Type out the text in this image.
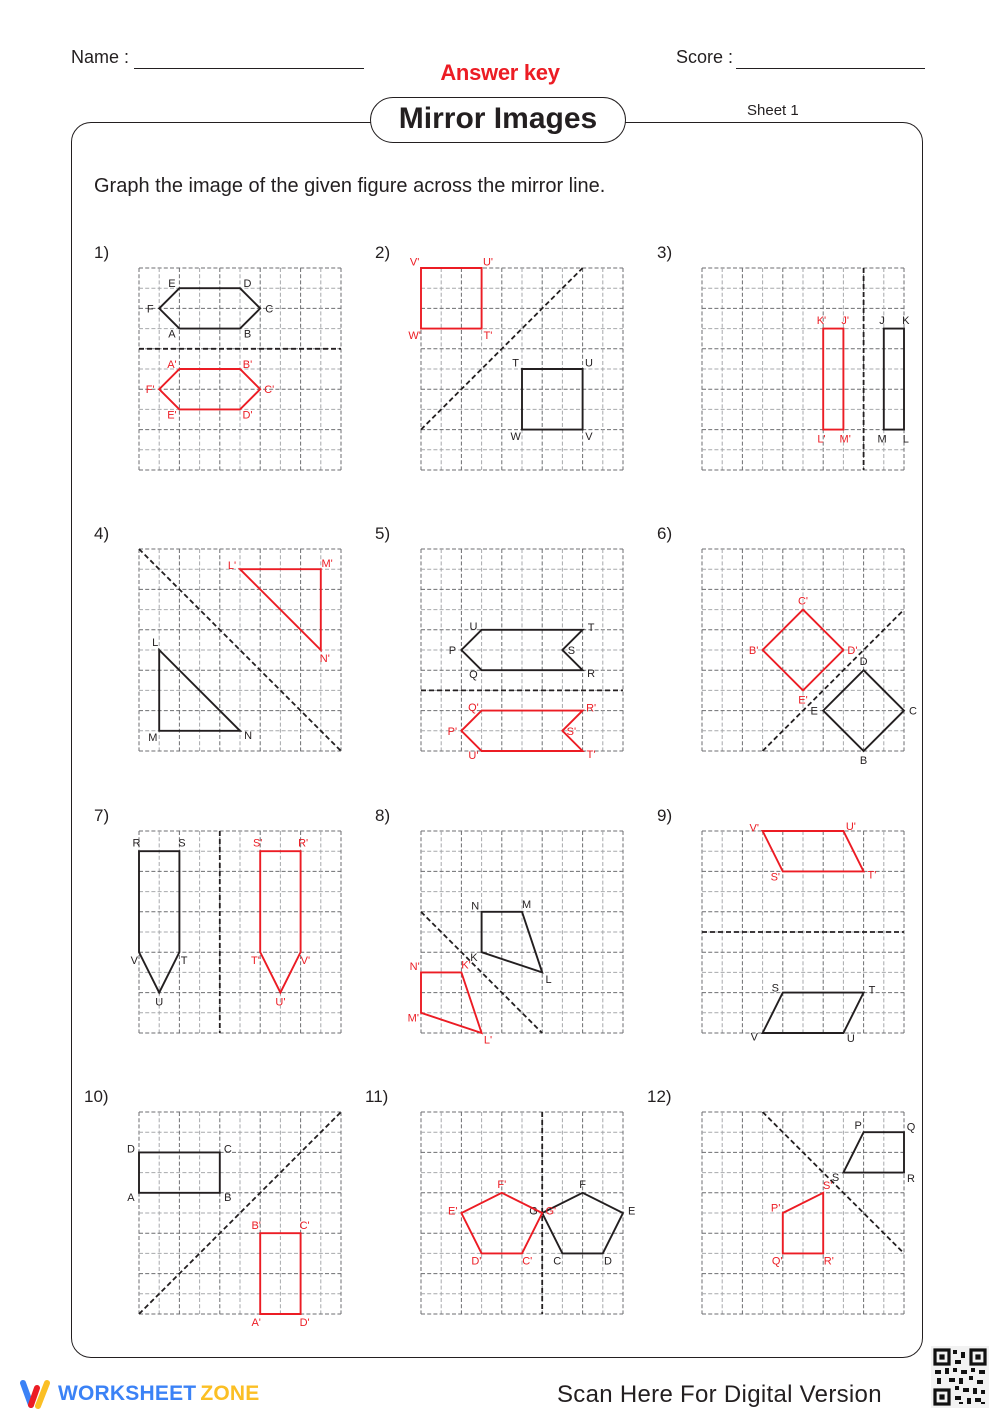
Name :	Score :
Answer key
Mirror Images	Sheet 1
Graph the image of the given figure across the mirror line.
1)
E	D
C
B
A
F
A'	B'
C'
D'
E'
F'
2)
T	U
V
W
V'	U'
T'
W'
3)
J K
L
M
K' J'
M'
L'
4)
L
M	N
L'	M'
N'
5)
U	T
S
R
Q
P
Q'	R'
S'
T'
U'
P'
6)
D
C
B
E
C'
D'
E'
B'
7)
R	S
T
U
V
S'	R'
V'
U'
T'
8)
N	M
L
K
N'	K'
L'
M'
9)
S	T
U
V
V'	U'
T'
S'
10)
D	C
B
A
B'	C'
D'
A'
11)
G
F
E
D
C
G'
F'
E'
D'	C'
12)
P	Q
R
S
S'
P'
Q'	R'
WORKSHEET ZONE	Scan Here For Digital Version
